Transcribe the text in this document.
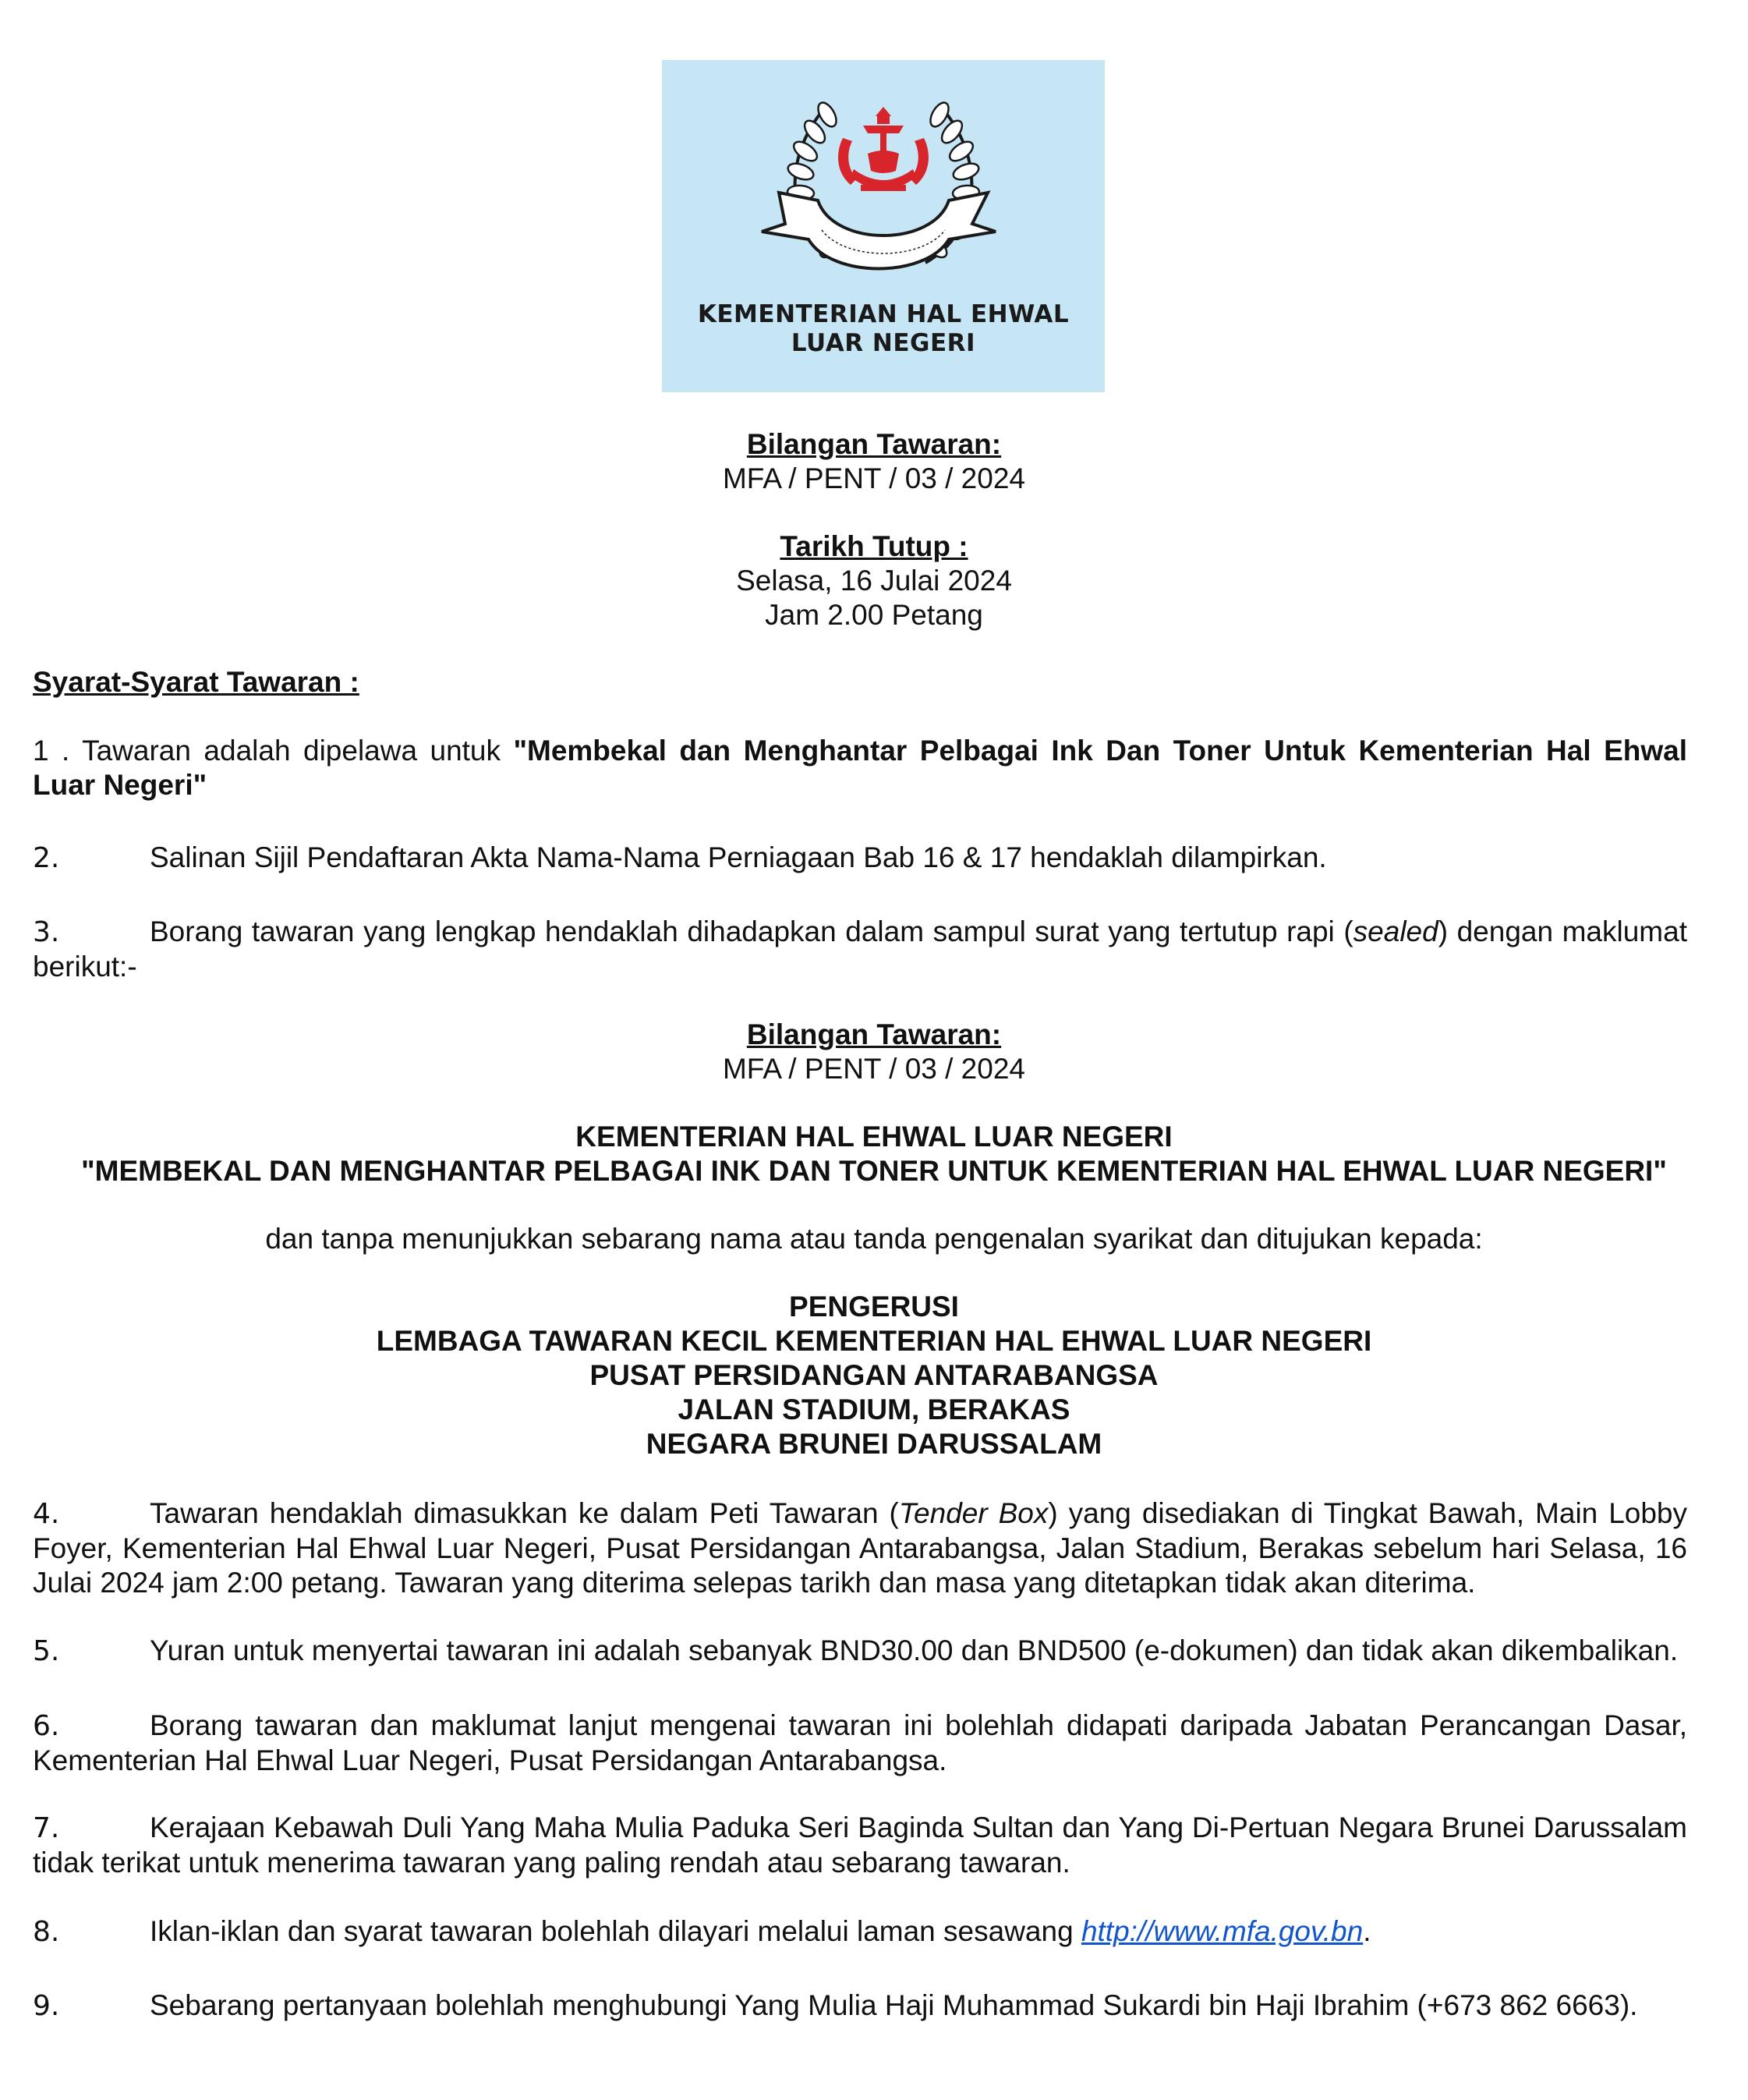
KEMENTERIAN HAL EHWAL
LUAR NEGERI
Bilangan Tawaran:
MFA / PENT / 03 / 2024
Tarikh Tutup :
Selasa, 16 Julai 2024
Jam 2.00 Petang
Syarat-Syarat Tawaran :
1 . Tawaran adalah dipelawa untuk "Membekal dan Menghantar Pelbagai Ink Dan Toner Untuk Kementerian Hal Ehwal
Luar Negeri"
2.	Salinan Sijil Pendaftaran Akta Nama-Nama Perniagaan Bab 16 & 17 hendaklah dilampirkan.
3.	Borang tawaran yang lengkap hendaklah dihadapkan dalam sampul surat yang tertutup rapi (sealed) dengan maklumat
berikut:-
Bilangan Tawaran:
MFA / PENT / 03 / 2024
KEMENTERIAN HAL EHWAL LUAR NEGERI
"MEMBEKAL DAN MENGHANTAR PELBAGAI INK DAN TONER UNTUK KEMENTERIAN HAL EHWAL LUAR NEGERI"
dan tanpa menunjukkan sebarang nama atau tanda pengenalan syarikat dan ditujukan kepada:
PENGERUSI
LEMBAGA TAWARAN KECIL KEMENTERIAN HAL EHWAL LUAR NEGERI
PUSAT PERSIDANGAN ANTARABANGSA
JALAN STADIUM, BERAKAS
NEGARA BRUNEI DARUSSALAM
4.	Tawaran hendaklah dimasukkan ke dalam Peti Tawaran (Tender Box) yang disediakan di Tingkat Bawah, Main Lobby
Foyer, Kementerian Hal Ehwal Luar Negeri, Pusat Persidangan Antarabangsa, Jalan Stadium, Berakas sebelum hari Selasa, 16
Julai 2024 jam 2:00 petang. Tawaran yang diterima selepas tarikh dan masa yang ditetapkan tidak akan diterima.
5.	Yuran untuk menyertai tawaran ini adalah sebanyak BND30.00 dan BND500 (e-dokumen) dan tidak akan dikembalikan.
6.	Borang tawaran dan maklumat lanjut mengenai tawaran ini bolehlah didapati daripada Jabatan Perancangan Dasar,
Kementerian Hal Ehwal Luar Negeri, Pusat Persidangan Antarabangsa.
7.	Kerajaan Kebawah Duli Yang Maha Mulia Paduka Seri Baginda Sultan dan Yang Di-Pertuan Negara Brunei Darussalam
tidak terikat untuk menerima tawaran yang paling rendah atau sebarang tawaran.
8.	Iklan-iklan dan syarat tawaran bolehlah dilayari melalui laman sesawang http://www.mfa.gov.bn.
9.	Sebarang pertanyaan bolehlah menghubungi Yang Mulia Haji Muhammad Sukardi bin Haji Ibrahim (+673 862 6663).
